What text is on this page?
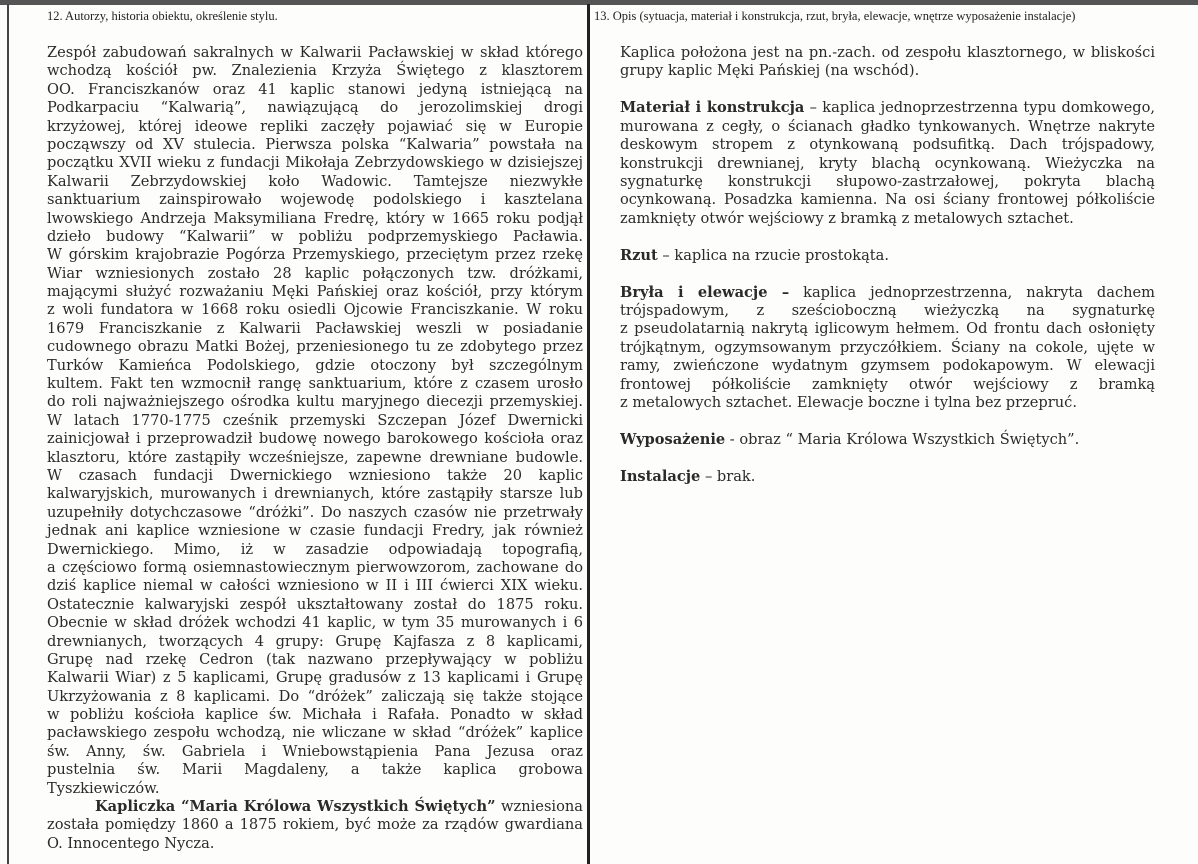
12. Autorzy, historia obiektu, określenie stylu.	13. Opis (sytuacja, materiał i konstrukcja, rzut, bryła, elewacje, wnętrze wyposażenie instalacje)
Zespół zabudowań sakralnych w Kalwarii Pacławskiej w skład którego
wchodzą kościół pw. Znalezienia Krzyża Świętego z klasztorem
OO. Franciszkanów oraz 41 kaplic stanowi jedyną istniejącą na
Podkarpaciu “Kalwarią”, nawiązującą do jerozolimskiej drogi
krzyżowej, której ideowe repliki zaczęły pojawiać się w Europie
począwszy od XV stulecia. Pierwsza polska “Kalwaria” powstała na
początku XVII wieku z fundacji Mikołaja Zebrzydowskiego w dzisiejszej
Kalwarii Zebrzydowskiej koło Wadowic. Tamtejsze niezwykłe
sanktuarium zainspirowało wojewodę podolskiego i kasztelana
lwowskiego Andrzeja Maksymiliana Fredrę, który w 1665 roku podjął
dzieło budowy “Kalwarii” w pobliżu podprzemyskiego Pacławia.
W górskim krajobrazie Pogórza Przemyskiego, przeciętym przez rzekę
Wiar wzniesionych zostało 28 kaplic połączonych tzw. dróżkami,
mającymi służyć rozważaniu Męki Pańskiej oraz kościół, przy którym
z woli fundatora w 1668 roku osiedli Ojcowie Franciszkanie. W roku
1679 Franciszkanie z Kalwarii Pacławskiej weszli w posiadanie
cudownego obrazu Matki Bożej, przeniesionego tu ze zdobytego przez
Turków Kamieńca Podolskiego, gdzie otoczony był szczególnym
kultem. Fakt ten wzmocnił rangę sanktuarium, które z czasem urosło
do roli najważniejszego ośrodka kultu maryjnego diecezji przemyskiej.
W latach 1770-1775 cześnik przemyski Szczepan Józef Dwernicki
zainicjował i przeprowadził budowę nowego barokowego kościoła oraz
klasztoru, które zastąpiły wcześniejsze, zapewne drewniane budowle.
W czasach fundacji Dwernickiego wzniesiono także 20 kaplic
kalwaryjskich, murowanych i drewnianych, które zastąpiły starsze lub
uzupełniły dotychczasowe “dróżki”. Do naszych czasów nie przetrwały
jednak ani kaplice wzniesione w czasie fundacji Fredry, jak również
Dwernickiego. Mimo, iż w zasadzie odpowiadają topografią,
a częściowo formą osiemnastowiecznym pierwowzorom, zachowane do
dziś kaplice niemal w całości wzniesiono w II i III ćwierci XIX wieku.
Ostatecznie kalwaryjski zespół ukształtowany został do 1875 roku.
Obecnie w skład dróżek wchodzi 41 kaplic, w tym 35 murowanych i 6
drewnianych, tworzących 4 grupy: Grupę Kajfasza z 8 kaplicami,
Grupę nad rzekę Cedron (tak nazwano przepływający w pobliżu
Kalwarii Wiar) z 5 kaplicami, Grupę gradusów z 13 kaplicami i Grupę
Ukrzyżowania z 8 kaplicami. Do “dróżek” zaliczają się także stojące
w pobliżu kościoła kaplice św. Michała i Rafała. Ponadto w skład
pacławskiego zespołu wchodzą, nie wliczane w skład “dróżek” kaplice
św. Anny, św. Gabriela i Wniebowstąpienia Pana Jezusa oraz
pustelnia św. Marii Magdaleny, a także kaplica grobowa
Tyszkiewiczów.
Kapliczka “Maria Królowa Wszystkich Świętych” wzniesiona
została pomiędzy 1860 a 1875 rokiem, być może za rządów gwardiana
O. Innocentego Nycza.
Kaplica położona jest na pn.-zach. od zespołu klasztornego, w bliskości
grupy kaplic Męki Pańskiej (na wschód).
Materiał i konstrukcja – kaplica jednoprzestrzenna typu domkowego,
murowana z cegły, o ścianach gładko tynkowanych. Wnętrze nakryte
deskowym stropem z otynkowaną podsufitką. Dach trójspadowy,
konstrukcji drewnianej, kryty blachą ocynkowaną. Wieżyczka na
sygnaturkę konstrukcji słupowo-zastrzałowej, pokryta blachą
ocynkowaną. Posadzka kamienna. Na osi ściany frontowej półkoliście
zamknięty otwór wejściowy z bramką z metalowych sztachet.
Rzut – kaplica na rzucie prostokąta.
Bryła i elewacje – kaplica jednoprzestrzenna, nakryta dachem
trójspadowym, z sześcioboczną wieżyczką na sygnaturkę
z pseudolatarnią nakrytą iglicowym hełmem. Od frontu dach osłonięty
trójkątnym, ogzymsowanym przyczółkiem. Ściany na cokole, ujęte w
ramy, zwieńczone wydatnym gzymsem podokapowym. W elewacji
frontowej półkoliście zamknięty otwór wejściowy z bramką
z metalowych sztachet. Elewacje boczne i tylna bez przepruć.
Wyposażenie - obraz “ Maria Królowa Wszystkich Świętych”.
Instalacje – brak.
